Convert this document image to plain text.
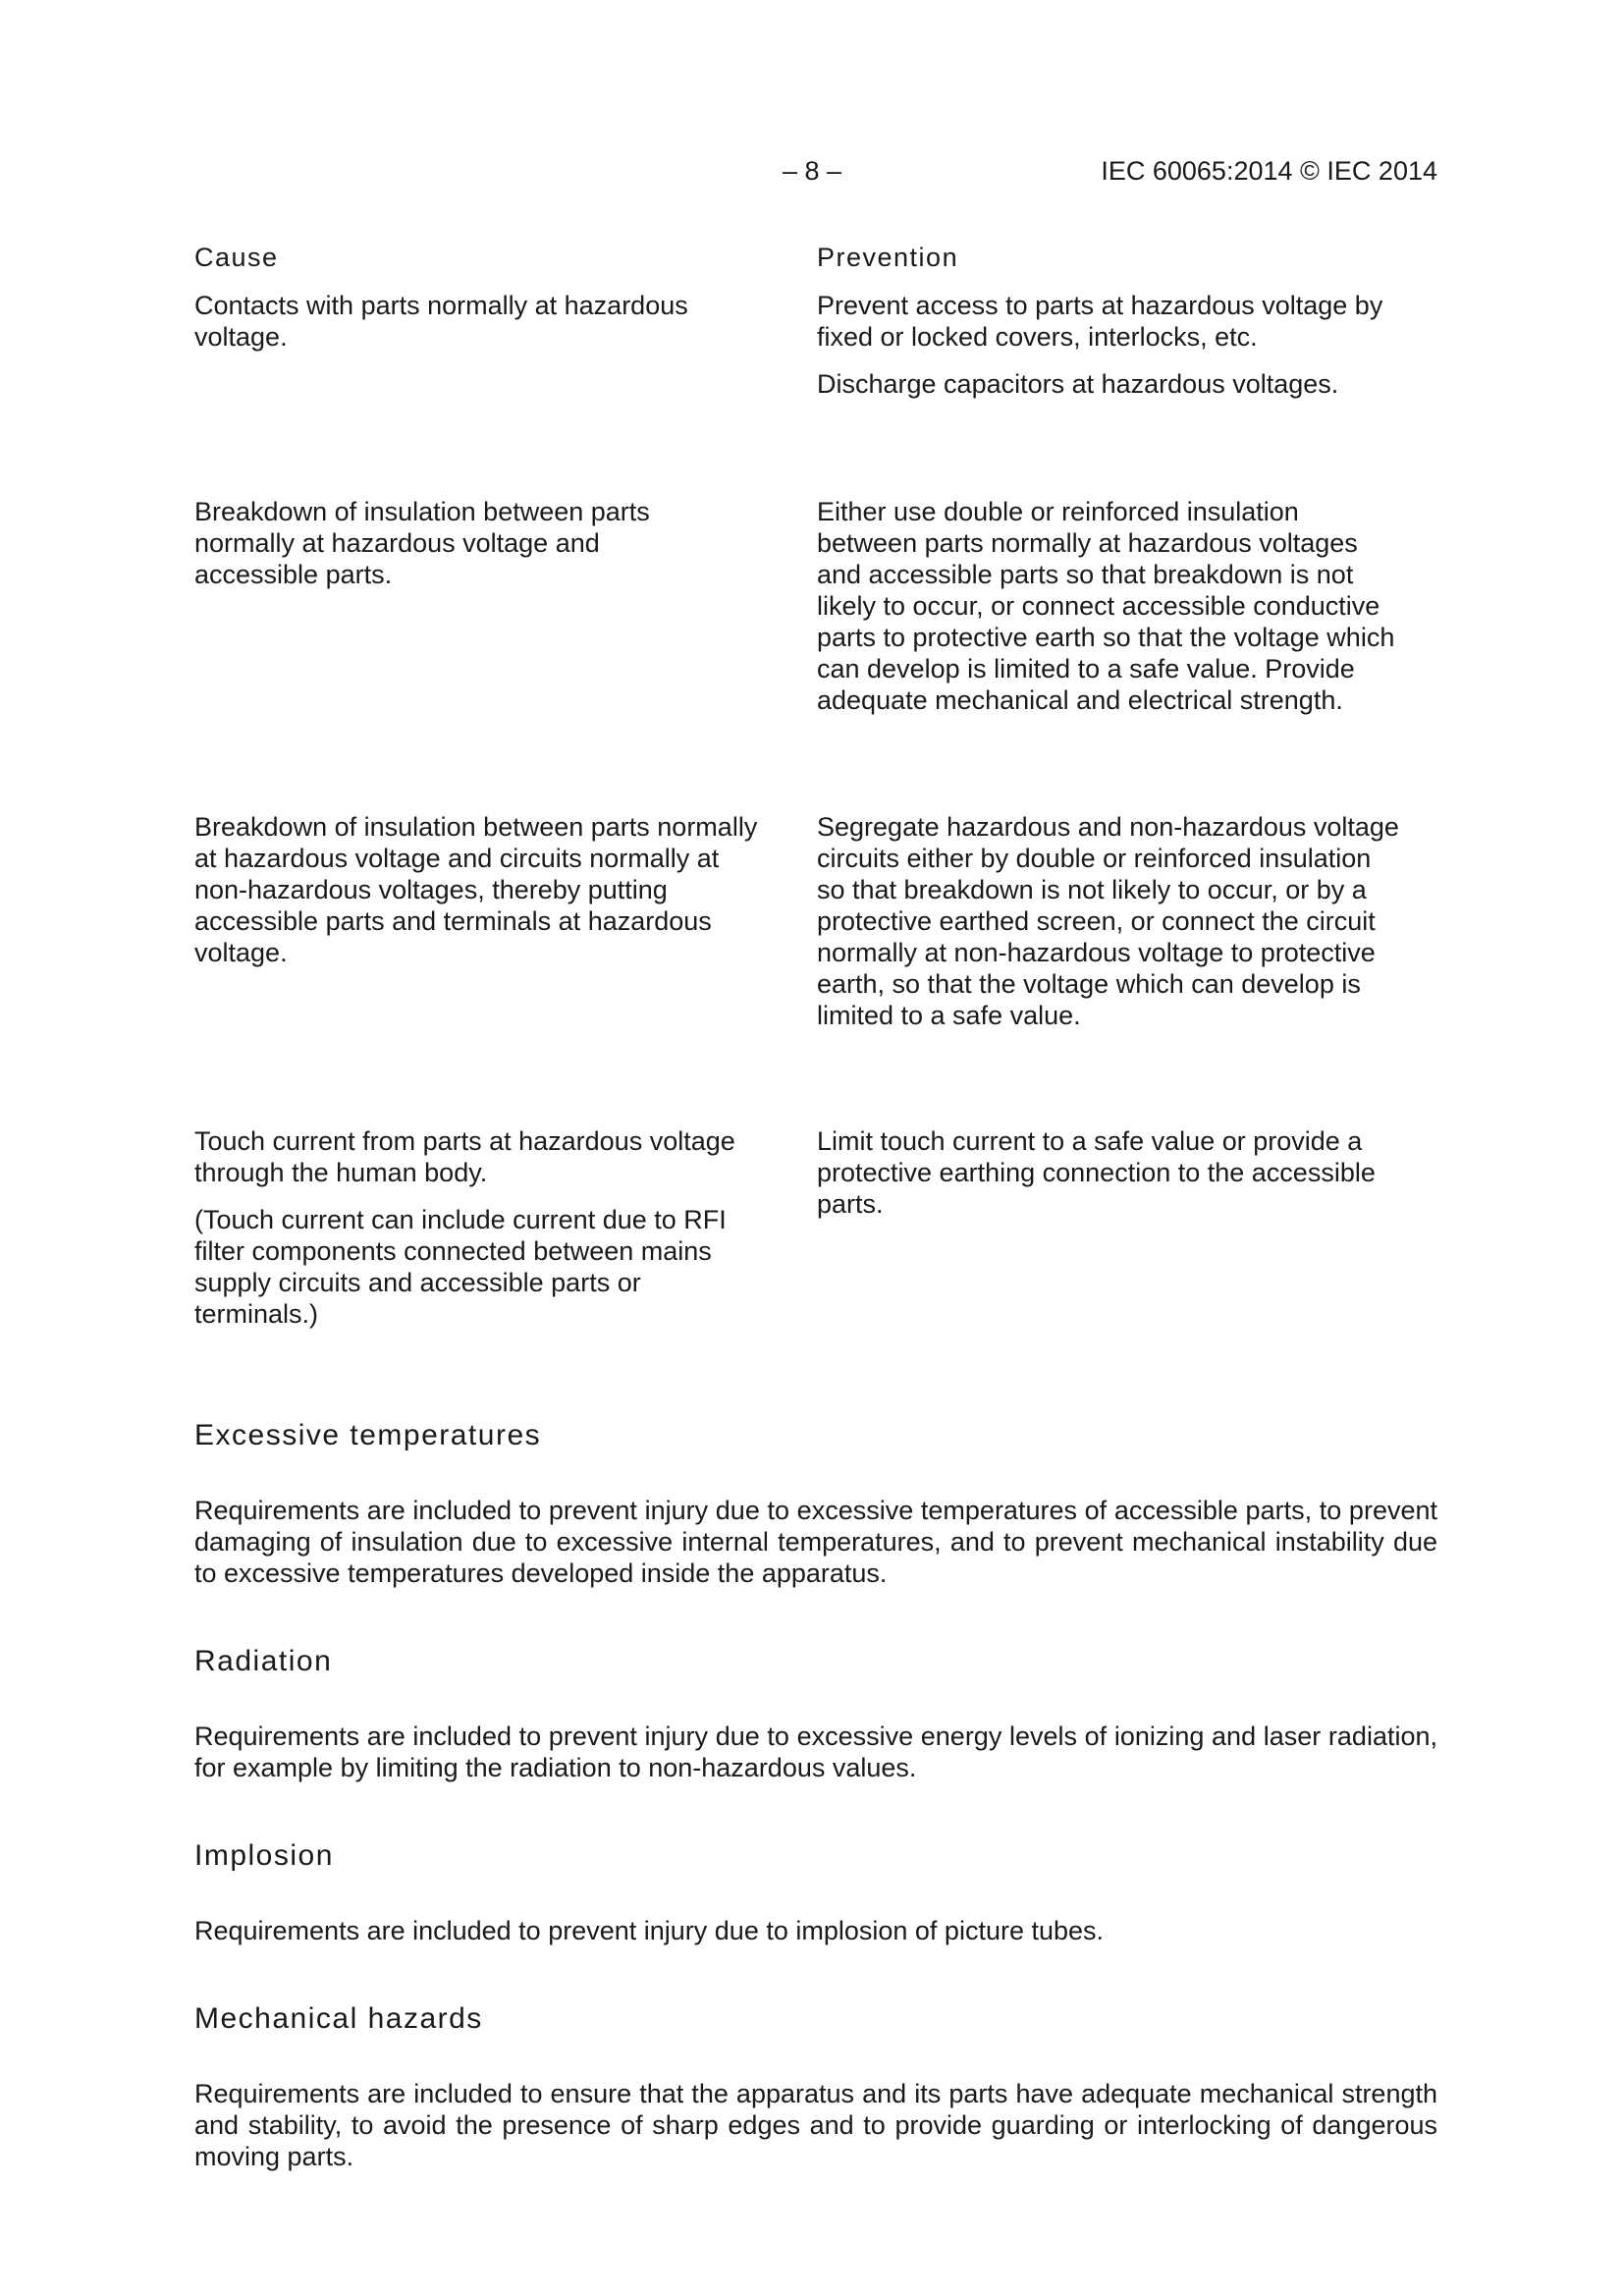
– 8 –	IEC 60065:2014 © IEC 2014
Cause	Prevention

Contacts with parts normally at hazardous voltage.

Prevent access to parts at hazardous voltage by fixed or locked covers, interlocks, etc.

Discharge capacitors at hazardous voltages.

Breakdown of insulation between parts normally at hazardous voltage and accessible parts.

Either use double or reinforced insulation between parts normally at hazardous voltages and accessible parts so that breakdown is not likely to occur, or connect accessible conductive parts to protective earth so that the voltage which can develop is limited to a safe value. Provide adequate mechanical and electrical strength.

Breakdown of insulation between parts normally at hazardous voltage and circuits normally at non-hazardous voltages, thereby putting accessible parts and terminals at hazardous voltage.

Segregate hazardous and non-hazardous voltage circuits either by double or reinforced insulation so that breakdown is not likely to occur, or by a protective earthed screen, or connect the circuit normally at non-hazardous voltage to protective earth, so that the voltage which can develop is limited to a safe value.

Touch current from parts at hazardous voltage through the human body.

(Touch current can include current due to RFI filter components connected between mains supply circuits and accessible parts or terminals.)

Limit touch current to a safe value or provide a protective earthing connection to the accessible parts.

Excessive temperatures

Requirements are included to prevent injury due to excessive temperatures of accessible parts, to prevent damaging of insulation due to excessive internal temperatures, and to prevent mechanical instability due to excessive temperatures developed inside the apparatus.

Radiation

Requirements are included to prevent injury due to excessive energy levels of ionizing and laser radiation, for example by limiting the radiation to non-hazardous values.

Implosion

Requirements are included to prevent injury due to implosion of picture tubes.

Mechanical hazards

Requirements are included to ensure that the apparatus and its parts have adequate mechanical strength and stability, to avoid the presence of sharp edges and to provide guarding or interlocking of dangerous moving parts.
